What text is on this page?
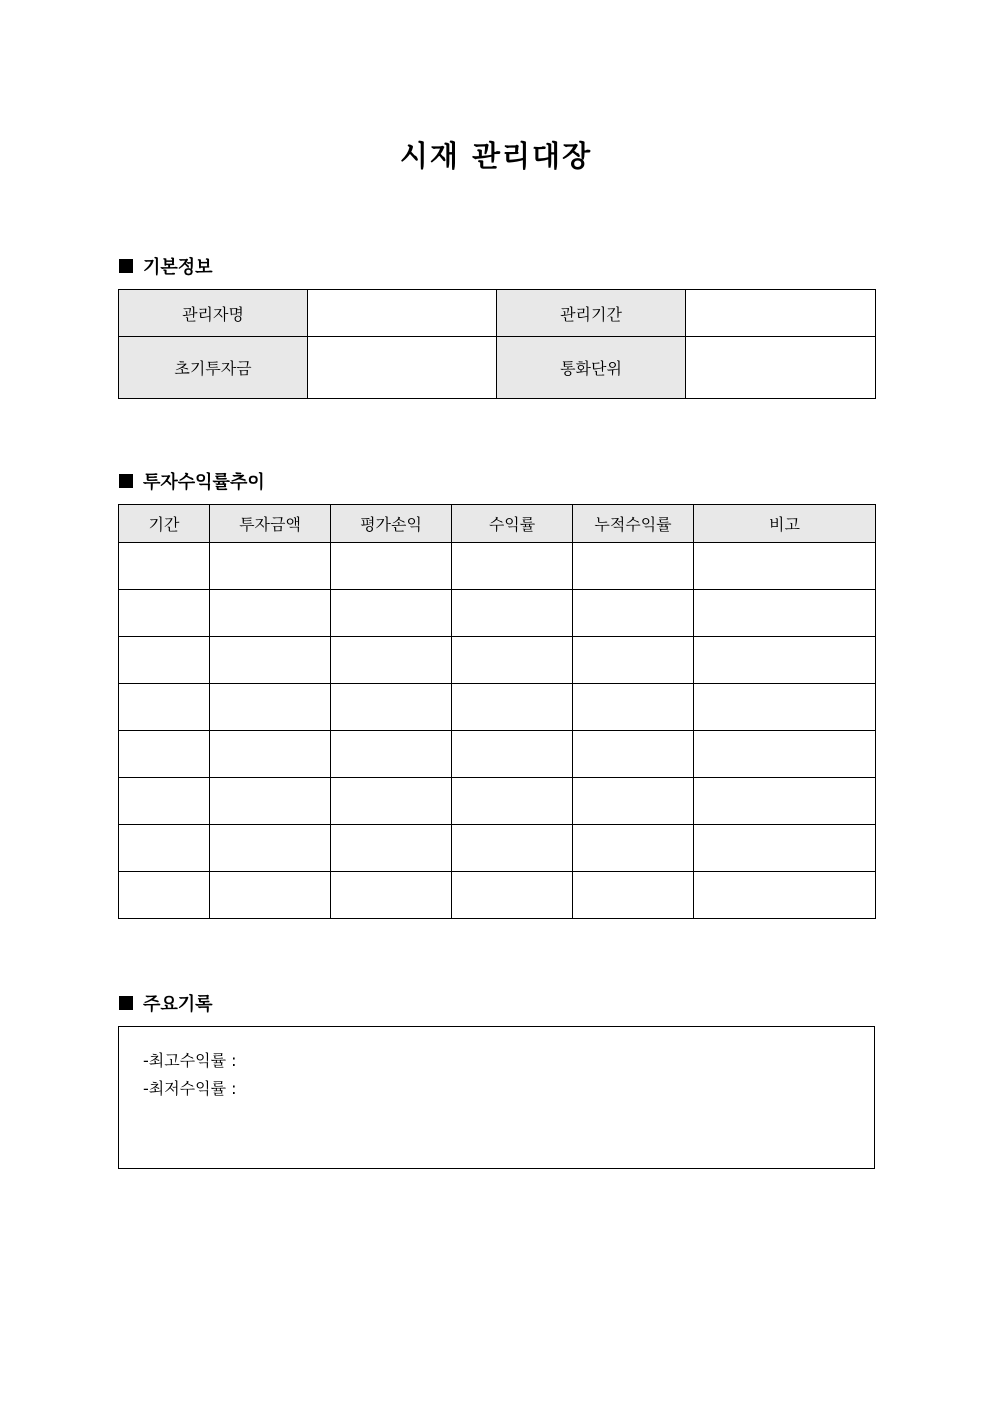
시재 관리대장
기본정보
관리자명		관리기간	
초기투자금		통화단위	
투자수익률추이
기간	투자금액	평가손익	수익률	누적수익률	비고

주요기록
-최고수익률 :
-최저수익률 :
